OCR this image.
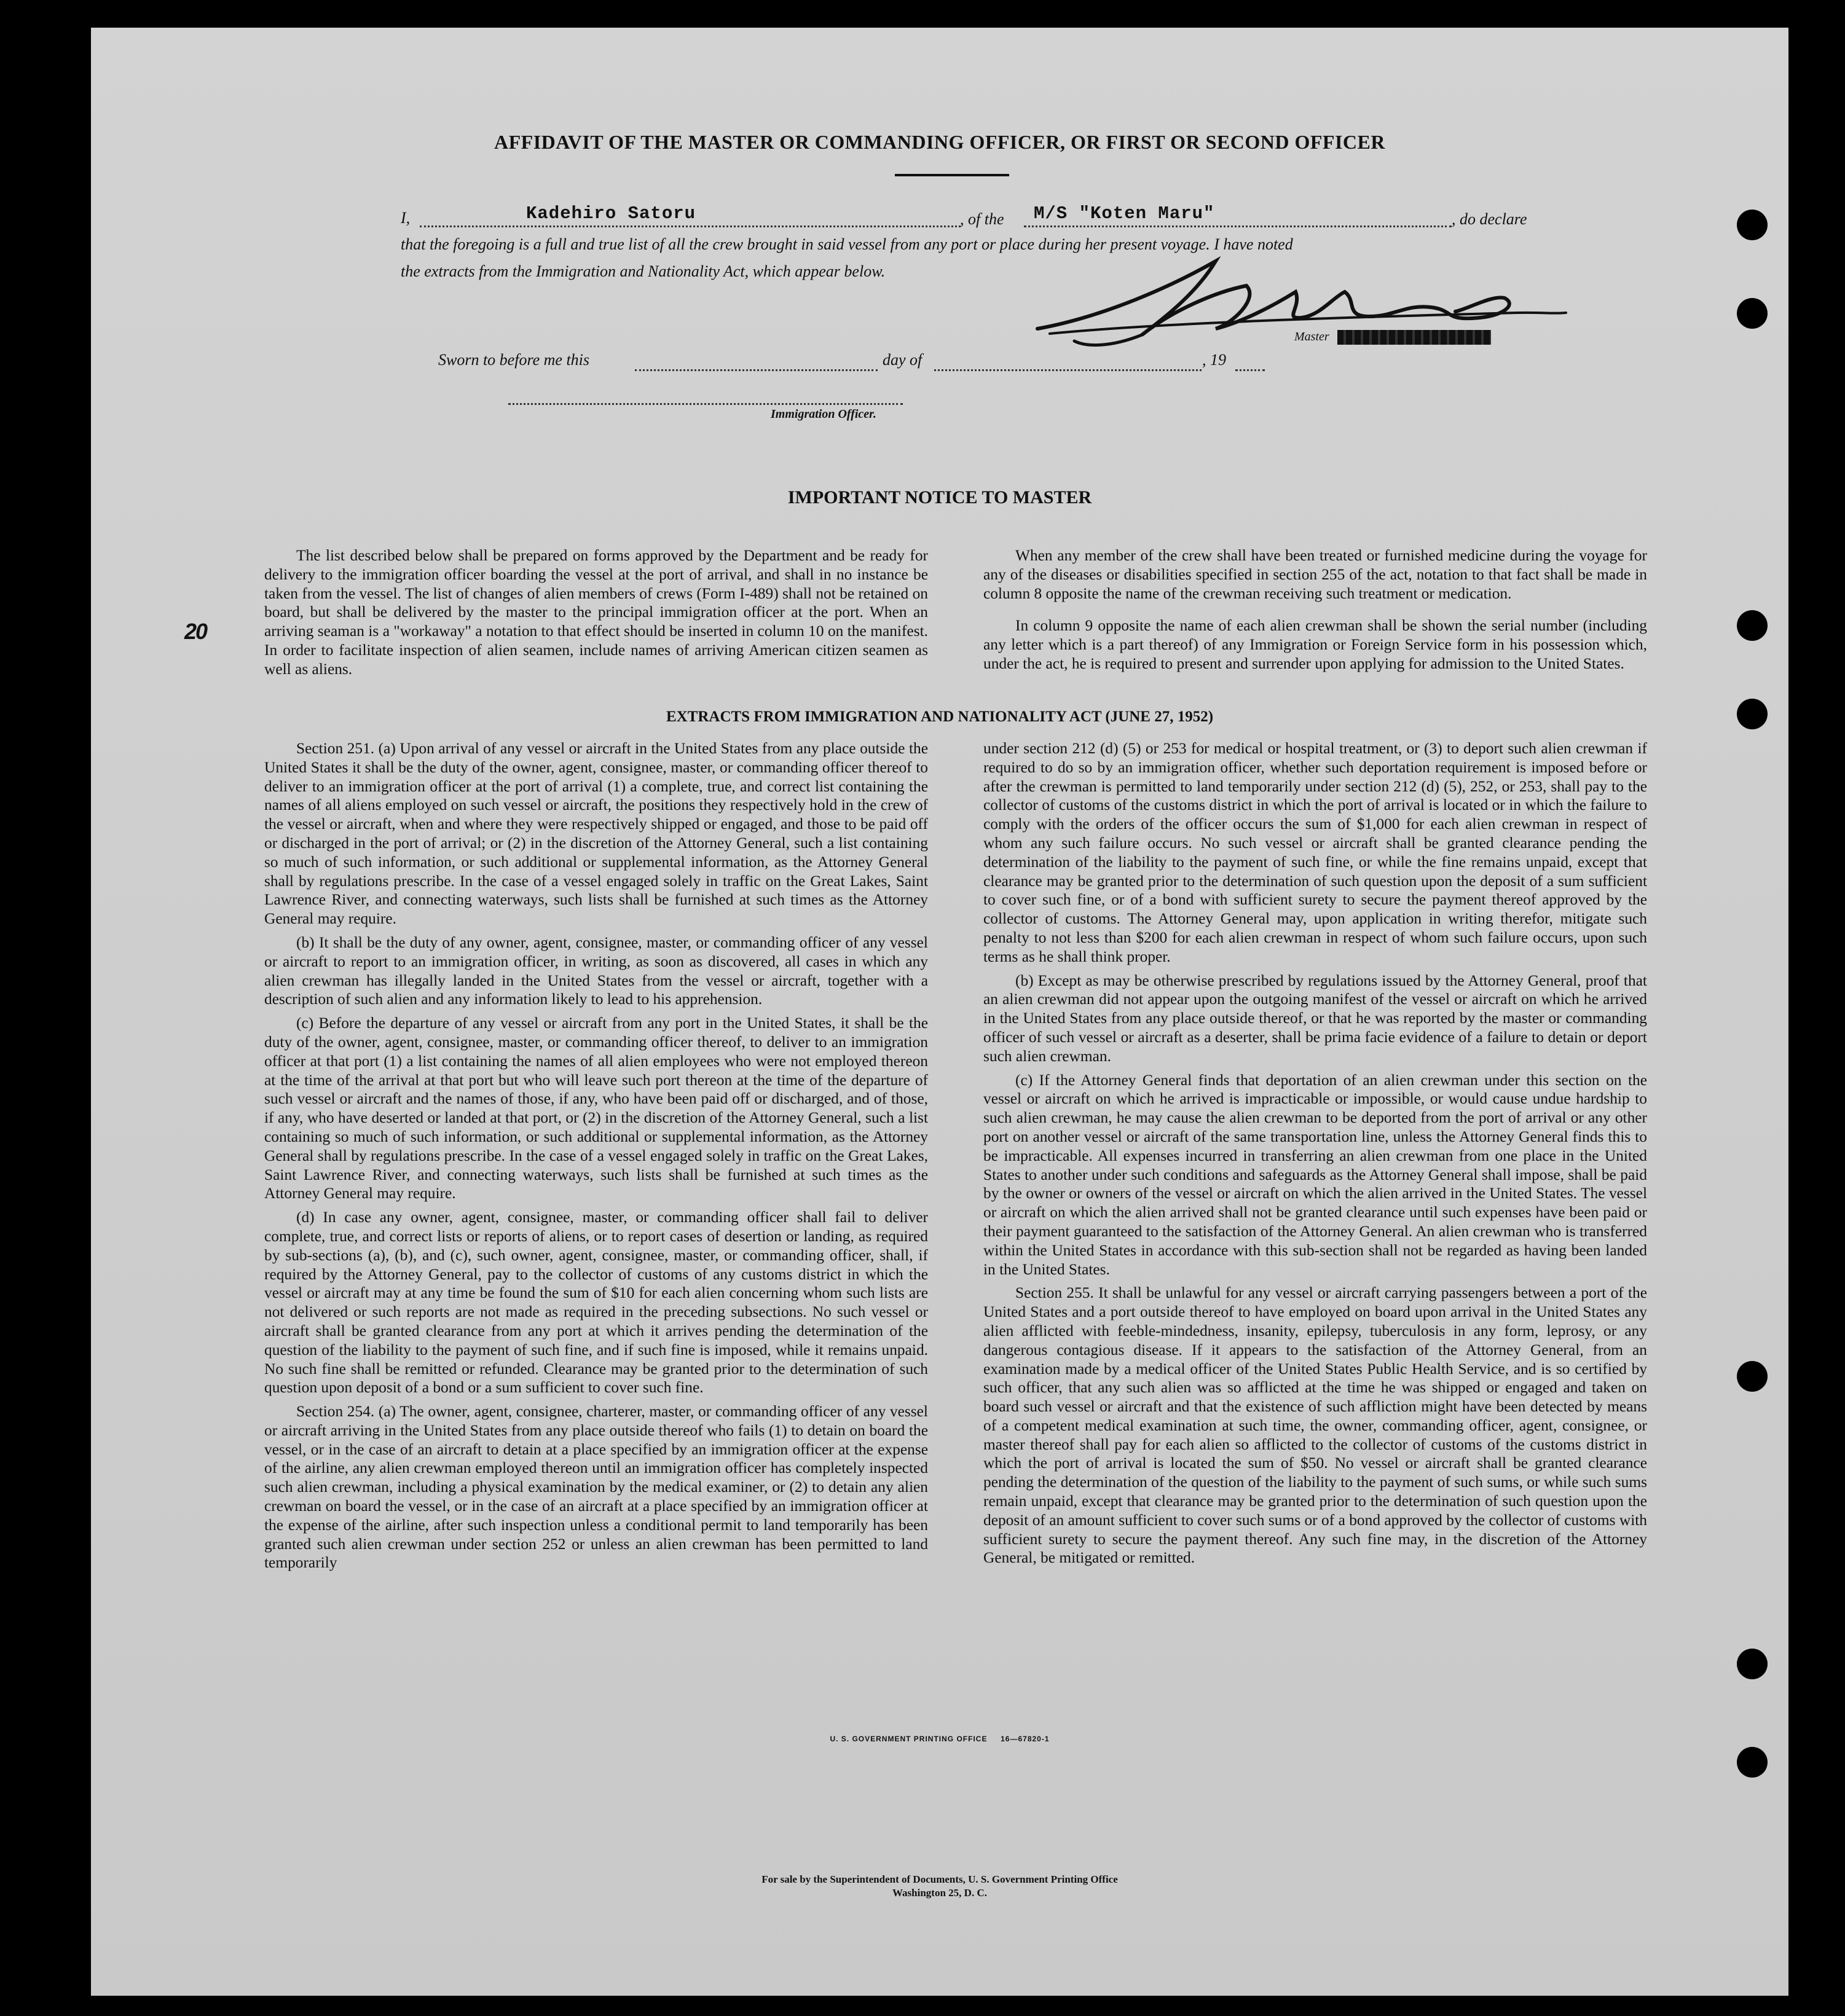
AFFIDAVIT OF THE MASTER OR COMMANDING OFFICER, OR FIRST OR SECOND OFFICER
I,	Kadehiro Satoru	, of the M/S "Koten Maru"	, do declare
that the foregoing is a full and true list of all the crew brought in said vessel from any port or place during her present voyage. I have noted
the extracts from the Immigration and Nationality Act, which appear below.
Master
Sworn to before me this	day of	, 19
Immigration Officer.
IMPORTANT NOTICE TO MASTER
20

The list described below shall be prepared on forms approved by the Department and be ready for delivery to the immigration officer boarding the vessel at the port of arrival, and shall in no instance be taken from the vessel. The list of changes of alien members of crews (Form I-489) shall not be retained on board, but shall be delivered by the master to the principal immigration officer at the port. When an arriving seaman is a "workaway" a notation to that effect should be inserted in column 10 on the manifest. In order to facilitate inspection of alien seamen, include names of arriving American citizen seamen as well as aliens.

When any member of the crew shall have been treated or furnished medicine during the voyage for any of the diseases or disabilities specified in section 255 of the act, notation to that fact shall be made in column 8 opposite the name of the crewman receiving such treatment or medication.

In column 9 opposite the name of each alien crewman shall be shown the serial number (including any letter which is a part thereof) of any Immigration or Foreign Service form in his possession which, under the act, he is required to present and surrender upon applying for admission to the United States.

EXTRACTS FROM IMMIGRATION AND NATIONALITY ACT (JUNE 27, 1952)

Section 251. (a) Upon arrival of any vessel or aircraft in the United States from any place outside the United States it shall be the duty of the owner, agent, consignee, master, or commanding officer thereof to deliver to an immigration officer at the port of arrival (1) a complete, true, and correct list containing the names of all aliens employed on such vessel or aircraft, the positions they respectively hold in the crew of the vessel or aircraft, when and where they were respectively shipped or engaged, and those to be paid off or discharged in the port of arrival; or (2) in the discretion of the Attorney General, such a list containing so much of such information, or such additional or supplemental information, as the Attorney General shall by regulations prescribe. In the case of a vessel engaged solely in traffic on the Great Lakes, Saint Lawrence River, and connecting waterways, such lists shall be furnished at such times as the Attorney General may require.

(b) It shall be the duty of any owner, agent, consignee, master, or commanding officer of any vessel or aircraft to report to an immigration officer, in writing, as soon as discovered, all cases in which any alien crewman has illegally landed in the United States from the vessel or aircraft, together with a description of such alien and any information likely to lead to his apprehension.

(c) Before the departure of any vessel or aircraft from any port in the United States, it shall be the duty of the owner, agent, consignee, master, or commanding officer thereof, to deliver to an immigration officer at that port (1) a list containing the names of all alien employees who were not employed thereon at the time of the arrival at that port but who will leave such port thereon at the time of the departure of such vessel or aircraft and the names of those, if any, who have been paid off or discharged, and of those, if any, who have deserted or landed at that port, or (2) in the discretion of the Attorney General, such a list containing so much of such information, or such additional or supplemental information, as the Attorney General shall by regulations prescribe. In the case of a vessel engaged solely in traffic on the Great Lakes, Saint Lawrence River, and connecting waterways, such lists shall be furnished at such times as the Attorney General may require.

(d) In case any owner, agent, consignee, master, or commanding officer shall fail to deliver complete, true, and correct lists or reports of aliens, or to report cases of desertion or landing, as required by sub-sections (a), (b), and (c), such owner, agent, consignee, master, or commanding officer, shall, if required by the Attorney General, pay to the collector of customs of any customs district in which the vessel or aircraft may at any time be found the sum of $10 for each alien concerning whom such lists are not delivered or such reports are not made as required in the preceding subsections. No such vessel or aircraft shall be granted clearance from any port at which it arrives pending the determination of the question of the liability to the payment of such fine, and if such fine is imposed, while it remains unpaid. No such fine shall be remitted or refunded. Clearance may be granted prior to the determination of such question upon deposit of a bond or a sum sufficient to cover such fine.

Section 254. (a) The owner, agent, consignee, charterer, master, or commanding officer of any vessel or aircraft arriving in the United States from any place outside thereof who fails (1) to detain on board the vessel, or in the case of an aircraft to detain at a place specified by an immigration officer at the expense of the airline, any alien crewman employed thereon until an immigration officer has completely inspected such alien crewman, including a physical examination by the medical examiner, or (2) to detain any alien crewman on board the vessel, or in the case of an aircraft at a place specified by an immigration officer at the expense of the airline, after such inspection unless a conditional permit to land temporarily has been granted such alien crewman under section 252 or unless an alien crewman has been permitted to land temporarily

under section 212 (d) (5) or 253 for medical or hospital treatment, or (3) to deport such alien crewman if required to do so by an immigration officer, whether such deportation requirement is imposed before or after the crewman is permitted to land temporarily under section 212 (d) (5), 252, or 253, shall pay to the collector of customs of the customs district in which the port of arrival is located or in which the failure to comply with the orders of the officer occurs the sum of $1,000 for each alien crewman in respect of whom any such failure occurs. No such vessel or aircraft shall be granted clearance pending the determination of the liability to the payment of such fine, or while the fine remains unpaid, except that clearance may be granted prior to the determination of such question upon the deposit of a sum sufficient to cover such fine, or of a bond with sufficient surety to secure the payment thereof approved by the collector of customs. The Attorney General may, upon application in writing therefor, mitigate such penalty to not less than $200 for each alien crewman in respect of whom such failure occurs, upon such terms as he shall think proper.

(b) Except as may be otherwise prescribed by regulations issued by the Attorney General, proof that an alien crewman did not appear upon the outgoing manifest of the vessel or aircraft on which he arrived in the United States from any place outside thereof, or that he was reported by the master or commanding officer of such vessel or aircraft as a deserter, shall be prima facie evidence of a failure to detain or deport such alien crewman.

(c) If the Attorney General finds that deportation of an alien crewman under this section on the vessel or aircraft on which he arrived is impracticable or impossible, or would cause undue hardship to such alien crewman, he may cause the alien crewman to be deported from the port of arrival or any other port on another vessel or aircraft of the same transportation line, unless the Attorney General finds this to be impracticable. All expenses incurred in transferring an alien crewman from one place in the United States to another under such conditions and safeguards as the Attorney General shall impose, shall be paid by the owner or owners of the vessel or aircraft on which the alien arrived in the United States. The vessel or aircraft on which the alien arrived shall not be granted clearance until such expenses have been paid or their payment guaranteed to the satisfaction of the Attorney General. An alien crewman who is transferred within the United States in accordance with this sub-section shall not be regarded as having been landed in the United States.

Section 255. It shall be unlawful for any vessel or aircraft carrying passengers between a port of the United States and a port outside thereof to have employed on board upon arrival in the United States any alien afflicted with feeble-mindedness, insanity, epilepsy, tuberculosis in any form, leprosy, or any dangerous contagious disease. If it appears to the satisfaction of the Attorney General, from an examination made by a medical officer of the United States Public Health Service, and is so certified by such officer, that any such alien was so afflicted at the time he was shipped or engaged and taken on board such vessel or aircraft and that the existence of such affliction might have been detected by means of a competent medical examination at such time, the owner, commanding officer, agent, consignee, or master thereof shall pay for each alien so afflicted to the collector of customs of the customs district in which the port of arrival is located the sum of $50. No vessel or aircraft shall be granted clearance pending the determination of the question of the liability to the payment of such sums, or while such sums remain unpaid, except that clearance may be granted prior to the determination of such question upon the deposit of an amount sufficient to cover such sums or of a bond approved by the collector of customs with sufficient surety to secure the payment thereof. Any such fine may, in the discretion of the Attorney General, be mitigated or remitted.

U. S. GOVERNMENT PRINTING OFFICE     16—67820-1
For sale by the Superintendent of Documents, U. S. Government Printing Office
Washington 25, D. C.
